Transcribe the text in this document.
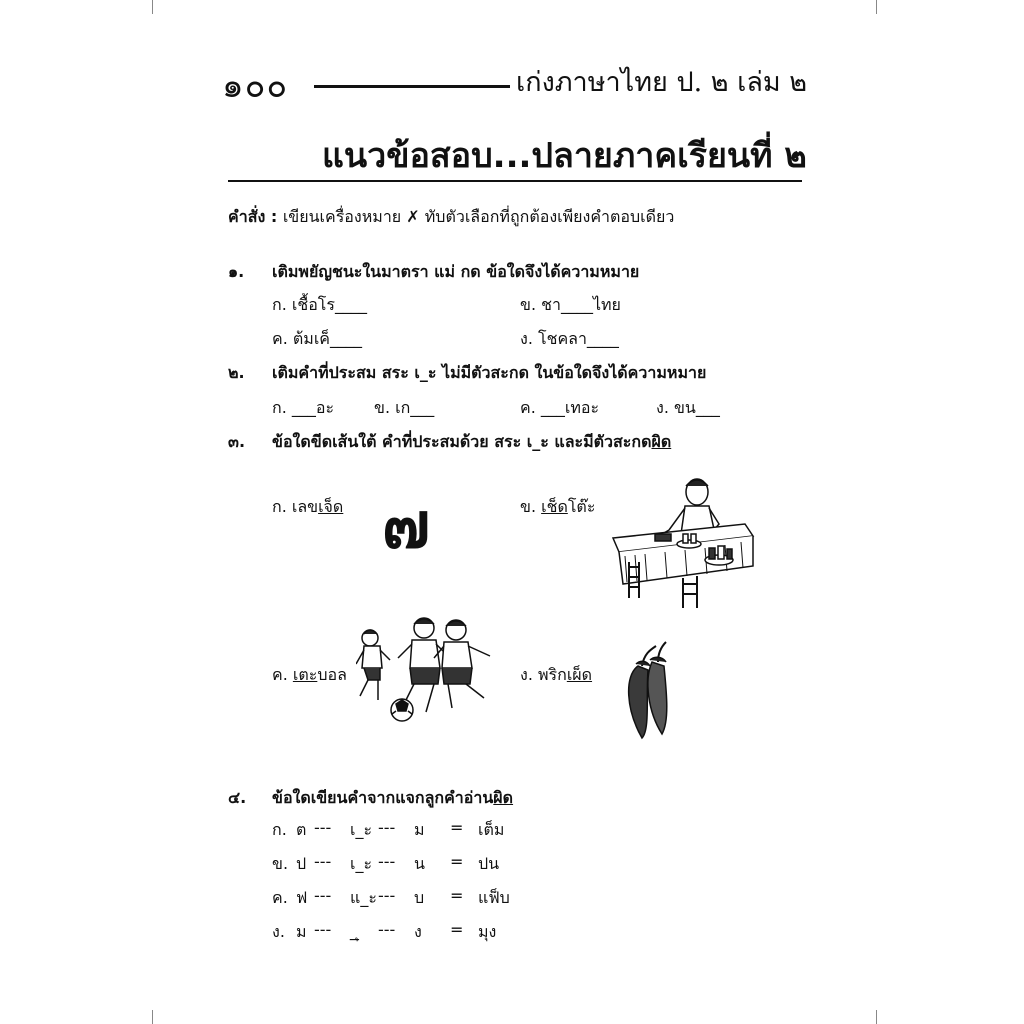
๑๐๐	เก่งภาษาไทย ป. ๒ เล่ม ๒
แนวข้อสอบ...ปลายภาคเรียนที่ ๒
คำสั่ง : เขียนเครื่องหมาย ✗ ทับตัวเลือกที่ถูกต้องเพียงคำตอบเดียว
๑. เติมพยัญชนะในมาตรา แม่ กด ข้อใดจึงได้ความหมาย
ก. เชื้อโร____	ข. ชา____ไทย
ค. ต้มเค็____	ง. โชคลา____
๒. เติมคำที่ประสม สระ เ_ะ ไม่มีตัวสะกด ในข้อใดจึงได้ความหมาย
ก. ___อะ ข. เก___	ค. ___เทอะ	ง. ขน___
๓. ข้อใดขีดเส้นใต้ คำที่ประสมด้วย สระ เ_ะ และมีตัวสะกดผิด
ก. เลขเจ็ด ๗	ข. เช็ดโต๊ะ
ค. เตะบอล	ง. พริกเผ็ด
๔. ข้อใดเขียนคำจากแจกลูกคำอ่านผิด
ก. ต --- เ_ะ --- ม = เต็ม
ข. ป --- เ_ะ --- น = ปน
ค. ฟ --- แ_ะ --- บ = แฟ็บ
ง. ม --- _ุ --- ง = มุง
